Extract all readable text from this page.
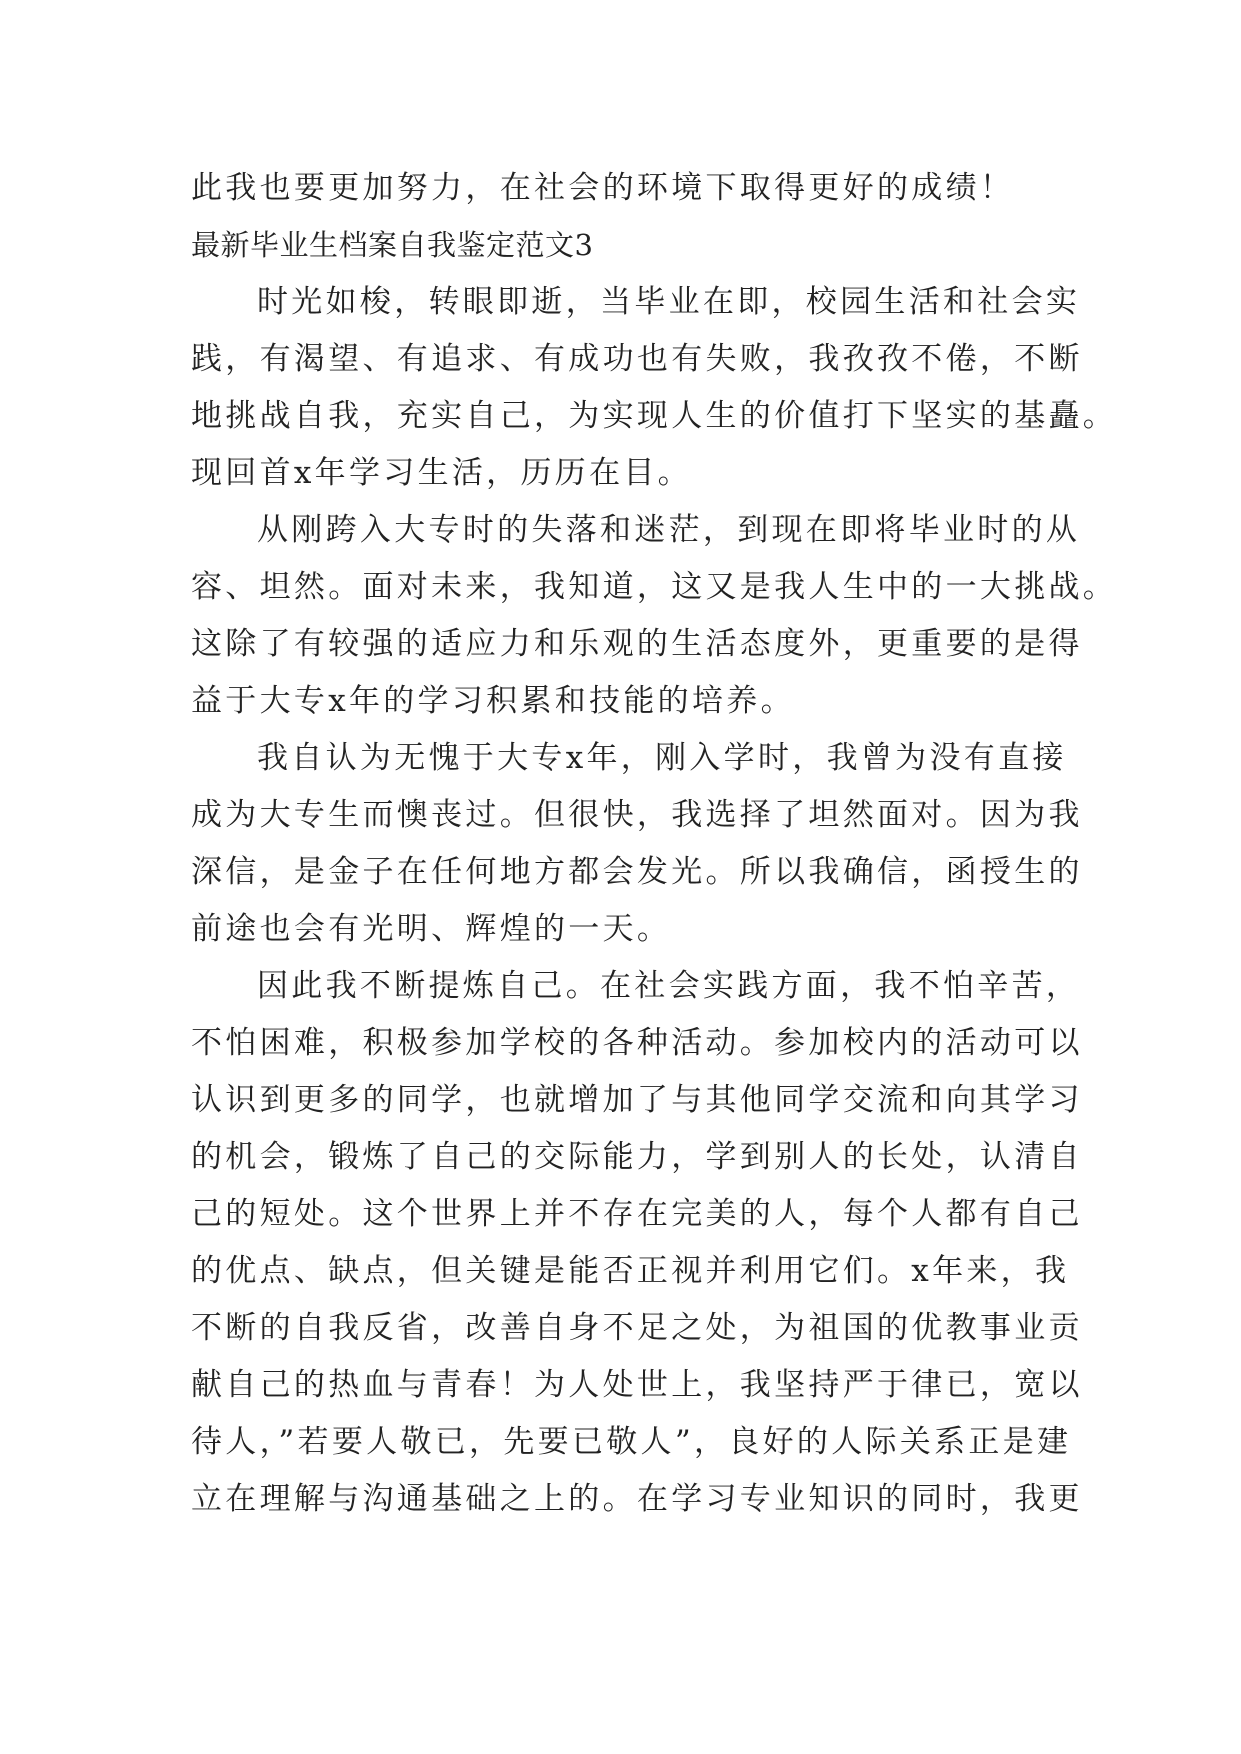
此我也要更加努力，在社会的环境下取得更好的成绩！
最新毕业生档案自我鉴定范文3
时光如梭，转眼即逝，当毕业在即，校园生活和社会实
践，有渴望、有追求、有成功也有失败，我孜孜不倦，不断
地挑战自我，充实自己，为实现人生的价值打下坚实的基矗。
现回首x年学习生活，历历在目。
从刚跨入大专时的失落和迷茫，到现在即将毕业时的从
容、坦然。面对未来，我知道，这又是我人生中的一大挑战。
这除了有较强的适应力和乐观的生活态度外，更重要的是得
益于大专x年的学习积累和技能的培养。
我自认为无愧于大专x年，刚入学时，我曾为没有直接
成为大专生而懊丧过。但很快，我选择了坦然面对。因为我
深信，是金子在任何地方都会发光。所以我确信，函授生的
前途也会有光明、辉煌的一天。
因此我不断提炼自己。在社会实践方面，我不怕辛苦，
不怕困难，积极参加学校的各种活动。参加校内的活动可以
认识到更多的同学，也就增加了与其他同学交流和向其学习
的机会，锻炼了自己的交际能力，学到别人的长处，认清自
己的短处。这个世界上并不存在完美的人，每个人都有自己
的优点、缺点，但关键是能否正视并利用它们。x年来，我
不断的自我反省，改善自身不足之处，为祖国的优教事业贡
献自己的热血与青春！为人处世上，我坚持严于律已，宽以
待人，”若要人敬已，先要已敬人”，良好的人际关系正是建
立在理解与沟通基础之上的。在学习专业知识的同时，我更
